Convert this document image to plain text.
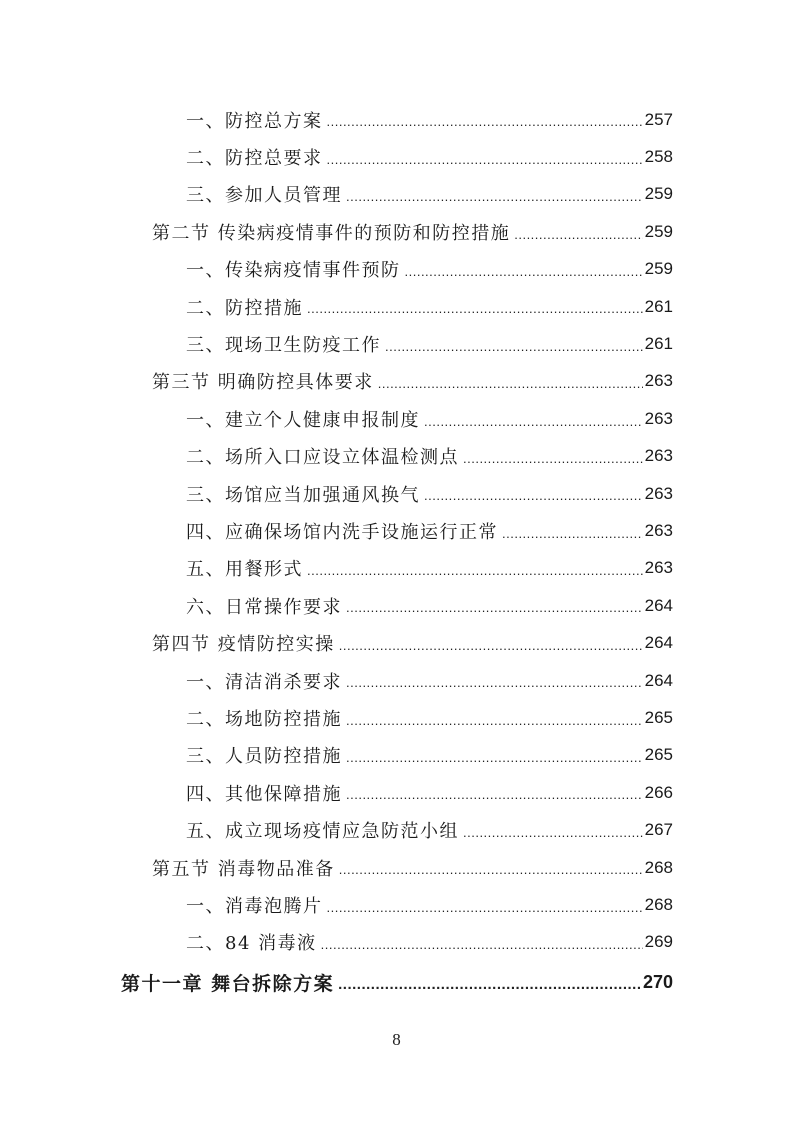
一、防控总方案 .....	257
二、防控总要求 .....	258
三、参加人员管理 .....	259
第二节 传染病疫情事件的预防和防控措施 .....	259
一、传染病疫情事件预防 .....	259
二、防控措施 .....	261
三、现场卫生防疫工作 .....	261
第三节 明确防控具体要求 .....	263
一、建立个人健康申报制度 .....	263
二、场所入口应设立体温检测点 .....	263
三、场馆应当加强通风换气 .....	263
四、应确保场馆内洗手设施运行正常 .....	263
五、用餐形式 .....	263
六、日常操作要求 .....	264
第四节 疫情防控实操 .....	264
一、清洁消杀要求 .....	264
二、场地防控措施 .....	265
三、人员防控措施 .....	265
四、其他保障措施 .....	266
五、成立现场疫情应急防范小组 .....	267
第五节 消毒物品准备 .....	268
一、消毒泡腾片 .....	268
二、84 消毒液 .....	269
第十一章 舞台拆除方案 .....	270
8
